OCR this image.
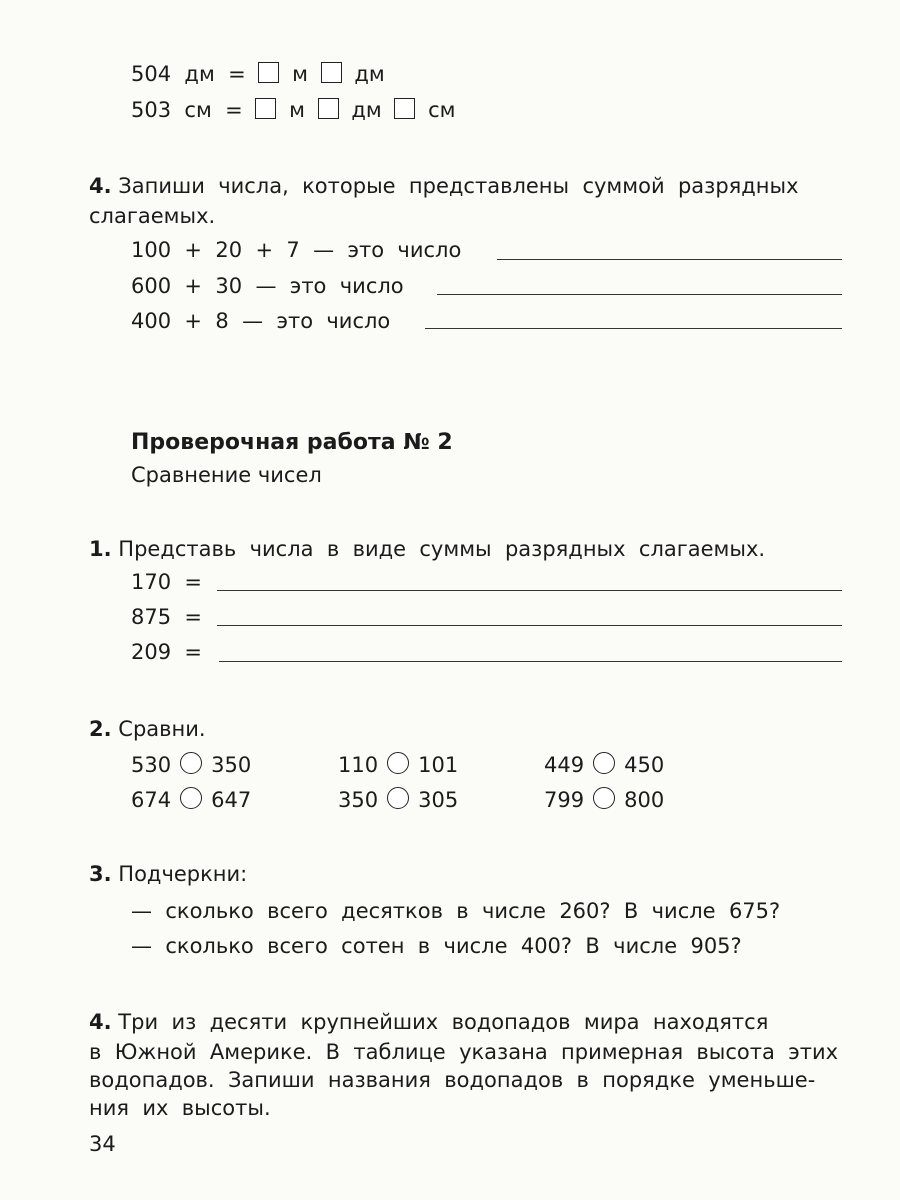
504  дм  = м дм
503  см  = м дм см
4. Запиши  числа,  которые  представлены  суммой  разрядных
слагаемых.
100  +  20  +  7  —  это  число
600  +  30  —  это  число
400  +  8  —  это  число
Проверочная работа № 2
Сравнение чисел
1. Представь  числа  в  виде  суммы  разрядных  слагаемых.
170  =
875  =
209  =
2. Сравни.
530 350	110 101	449 450
674 647	350 305	799 800
3. Подчеркни:
—  сколько  всего  десятков  в  числе  260?  В  числе  675?
—  сколько  всего  сотен  в  числе  400?  В  числе  905?
4. Три  из  десяти  крупнейших  водопадов  мира  находятся
в  Южной  Америке.  В  таблице  указана  примерная  высота  этих
водопадов.  Запиши  названия  водопадов  в  порядке  уменьше-
ния  их  высоты.
34
